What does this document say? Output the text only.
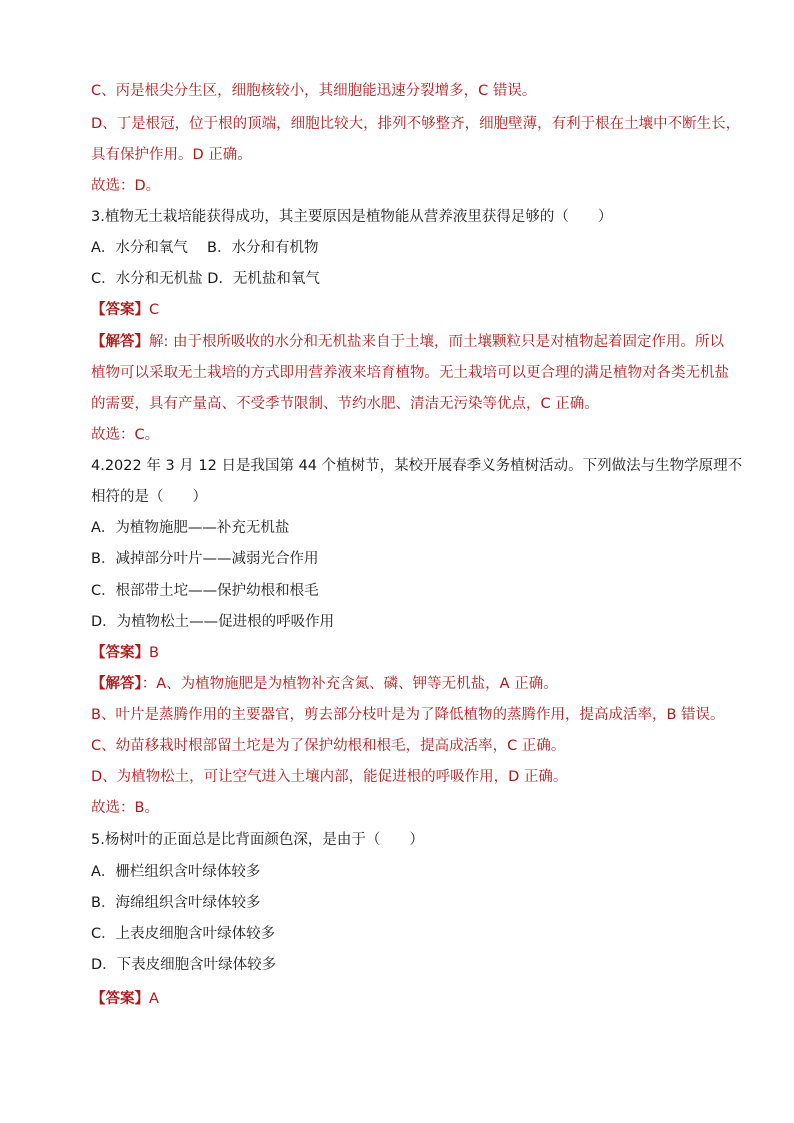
C、丙是根尖分生区，细胞核较小，其细胞能迅速分裂增多，C 错误。
D、丁是根冠，位于根的顶端，细胞比较大，排列不够整齐，细胞壁薄，有利于根在土壤中不断生长，
具有保护作用。D 正确。
故选：D。
3.植物无土栽培能获得成功，其主要原因是植物能从营养液里获得足够的（　　）
A．水分和氧气　 B．水分和有机物
C．水分和无机盐 D．无机盐和氧气
【答案】C
【解答】解: 由于根所吸收的水分和无机盐来自于土壤，而土壤颗粒只是对植物起着固定作用。所以
植物可以采取无土栽培的方式即用营养液来培育植物。无土栽培可以更合理的满足植物对各类无机盐
的需要，具有产量高、不受季节限制、节约水肥、清洁无污染等优点，C 正确。
故选：C。
4.2022 年 3 月 12 日是我国第 44 个植树节，某校开展春季义务植树活动。下列做法与生物学原理不
相符的是（　　）
A．为植物施肥——补充无机盐
B．减掉部分叶片——减弱光合作用
C．根部带土坨——保护幼根和根毛
D．为植物松土——促进根的呼吸作用
【答案】B
【解答】：A、为植物施肥是为植物补充含氮、磷、钾等无机盐，A 正确。
B、叶片是蒸腾作用的主要器官，剪去部分枝叶是为了降低植物的蒸腾作用，提高成活率，B 错误。
C、幼苗移栽时根部留土坨是为了保护幼根和根毛，提高成活率，C 正确。
D、为植物松土，可让空气进入土壤内部，能促进根的呼吸作用，D 正确。
故选：B。
5.杨树叶的正面总是比背面颜色深，是由于（　　）
A．栅栏组织含叶绿体较多
B．海绵组织含叶绿体较多
C．上表皮细胞含叶绿体较多
D．下表皮细胞含叶绿体较多
【答案】A
